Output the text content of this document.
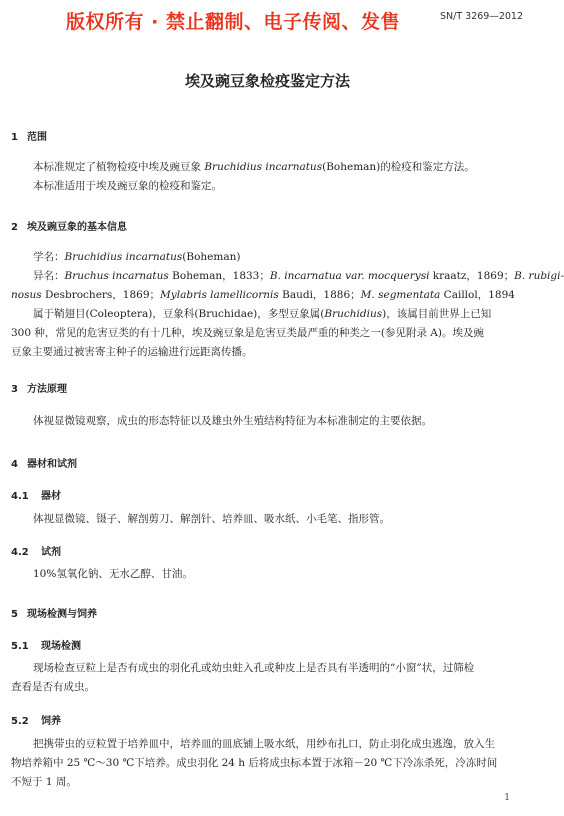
版权所有 · 禁止翻制、电子传阅、发售	SN/T 3269—2012
埃及豌豆象检疫鉴定方法
1 范围
本标准规定了植物检疫中埃及豌豆象 Bruchidius incarnatus(Boheman)的检疫和鉴定方法。
本标准适用于埃及豌豆象的检疫和鉴定。
2 埃及豌豆象的基本信息
学名：Bruchidius incarnatus(Boheman)
异名：Bruchus incarnatus Boheman，1833；B. incarnatua var. mocquerysi kraatz，1869；B. rubigi-
nosus Desbrochers，1869；Mylabris lamellicornis Baudi，1886；M. segmentata Caillol，1894
属于鞘翅目(Coleoptera)，豆象科(Bruchidae)，多型豆象属(Bruchidius)，该属目前世界上已知
300 种，常见的危害豆类的有十几种，埃及豌豆象是危害豆类最严重的种类之一(参见附录 A)。埃及豌
豆象主要通过被害寄主种子的运输进行远距离传播。
3 方法原理
体视显微镜观察，成虫的形态特征以及雄虫外生殖结构特征为本标准制定的主要依据。
4 器材和试剂
4.1 器材
体视显微镜、镊子、解剖剪刀、解剖针、培养皿、吸水纸、小毛笔、指形管。
4.2 试剂
10%氢氧化钠、无水乙醇、甘油。
5 现场检测与饲养
5.1 现场检测
现场检查豆粒上是否有成虫的羽化孔或幼虫蛀入孔或种皮上是否具有半透明的“小窗”状，过筛检
查看是否有成虫。
5.2 饲养
把携带虫的豆粒置于培养皿中，培养皿的皿底铺上吸水纸，用纱布扎口，防止羽化成虫逃逸，放入生
物培养箱中 25 ℃～30 ℃下培养。成虫羽化 24 h 后将成虫标本置于冰箱－20 ℃下冷冻杀死，冷冻时间
不短于 1 周。
1
